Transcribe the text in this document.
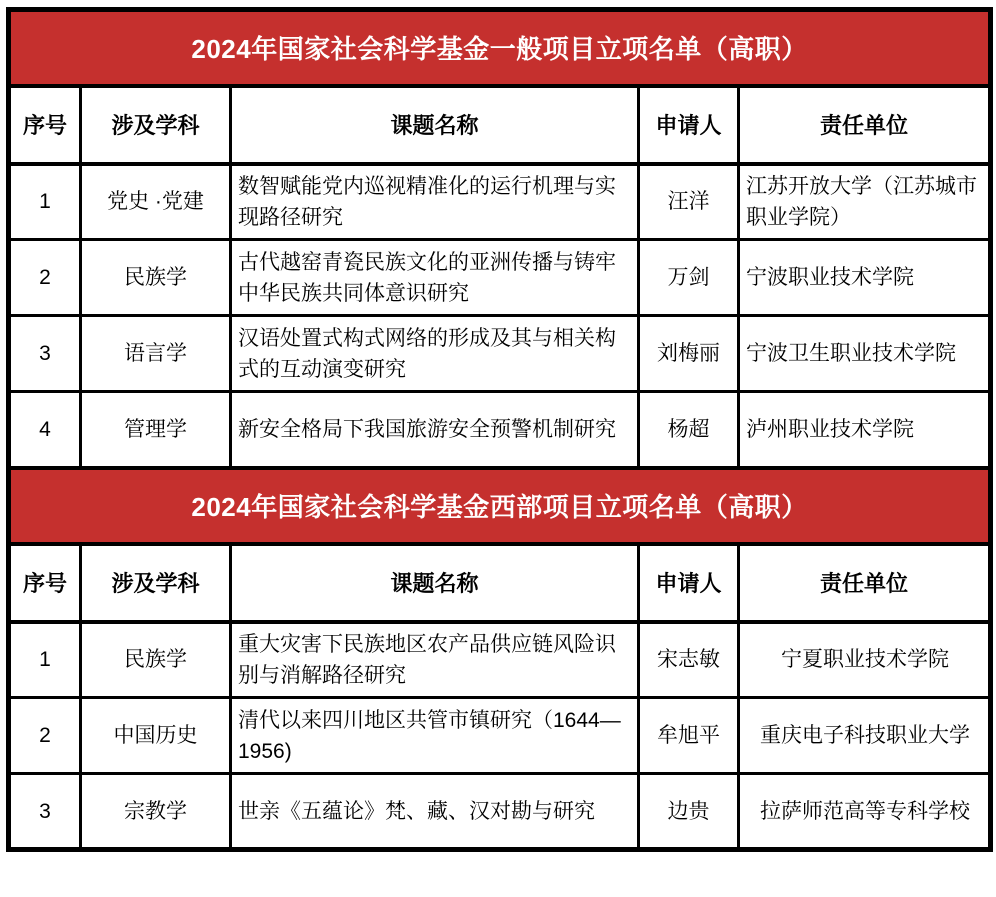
2024年国家社会科学基金一般项目立项名单（高职）				
序号	涉及学科	课题名称	申请人	责任单位
1	党史 ·党建	数智赋能党内巡视精准化的运行机理与实现路径研究	汪洋	江苏开放大学（江苏城市职业学院）
2	民族学	古代越窑青瓷民族文化的亚洲传播与铸牢中华民族共同体意识研究	万剑	宁波职业技术学院
3	语言学	汉语处置式构式网络的形成及其与相关构式的互动演变研究	刘梅丽	宁波卫生职业技术学院
4	管理学	新安全格局下我国旅游安全预警机制研究	杨超	泸州职业技术学院
2024年国家社会科学基金西部项目立项名单（高职）				
序号	涉及学科	课题名称	申请人	责任单位
1	民族学	重大灾害下民族地区农产品供应链风险识别与消解路径研究	宋志敏	宁夏职业技术学院
2	中国历史	清代以来四川地区共管市镇研究（1644—1956)	牟旭平	重庆电子科技职业大学
3	宗教学	世亲《五蕴论》梵、藏、汉对勘与研究	边贵	拉萨师范高等专科学校
